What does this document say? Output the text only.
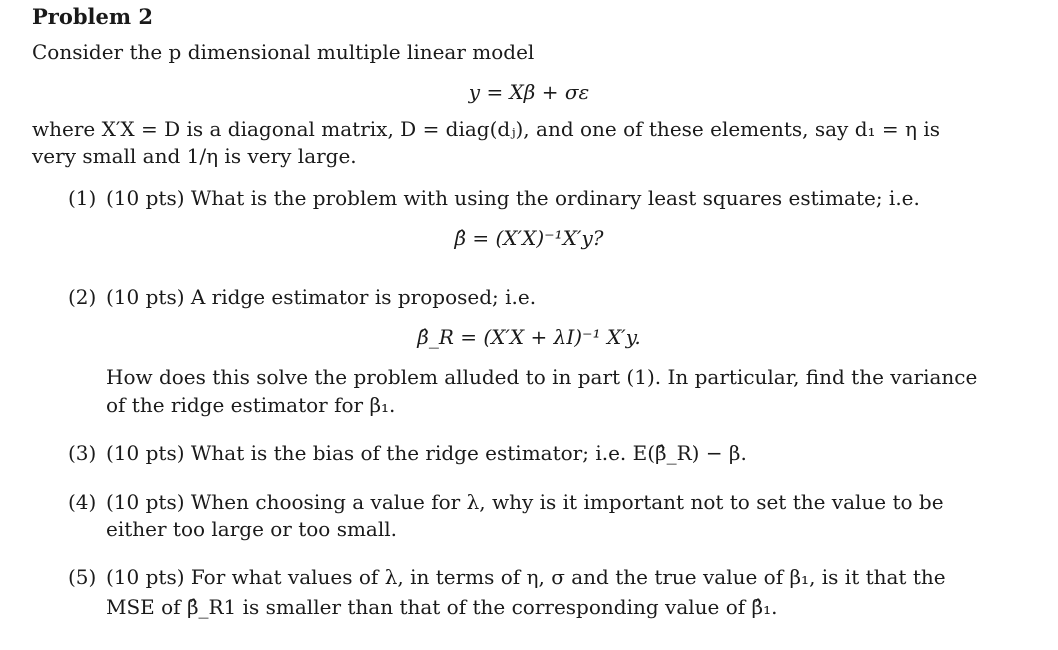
Problem 2
Consider the p dimensional multiple linear model
y = Xβ + σε
where X′X = D is a diagonal matrix, D = diag(dⱼ), and one of these elements, say d₁ = η is
very small and 1/η is very large.
(1) (10 pts) What is the problem with using the ordinary least squares estimate; i.e.
β̂ = (X′X)⁻¹X′y?
(2) (10 pts) A ridge estimator is proposed; i.e.
β̂_R = (X′X + λI)⁻¹ X′y.
How does this solve the problem alluded to in part (1). In particular, find the variance
of the ridge estimator for β₁.
(3) (10 pts) What is the bias of the ridge estimator; i.e. E(β̂_R) − β.
(4) (10 pts) When choosing a value for λ, why is it important not to set the value to be
either too large or too small.
(5) (10 pts) For what values of λ, in terms of η, σ and the true value of β₁, is it that the
MSE of β̂_R1 is smaller than that of the corresponding value of β̂₁.
